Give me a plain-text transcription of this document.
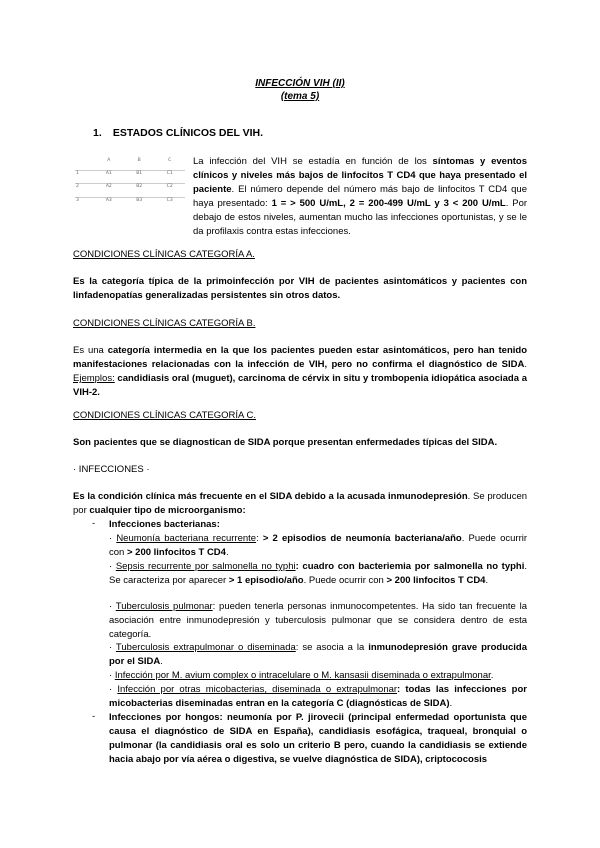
INFECCIÓN VIH (II)
(tema 5)
1. ESTADOS CLÍNICOS DEL VIH.
	A	B	C
1	A1	B1	C1
2	A2	B2	C2
3	A3	B3	C3
La infección del VIH se estadía en función de los síntomas y eventos clínicos y niveles más bajos de linfocitos T CD4 que haya presentado el paciente. El número depende del número más bajo de linfocitos T CD4 que haya presentado: 1 = > 500 U/mL, 2 = 200-499 U/mL y 3 < 200 U/mL. Por debajo de estos niveles, aumentan mucho las infecciones oportunistas, y se le da profilaxis contra estas infecciones.
CONDICIONES CLÍNICAS CATEGORÍA A.
Es la categoría típica de la primoinfección por VIH de pacientes asintomáticos y pacientes con linfadenopatías generalizadas persistentes sin otros datos.
CONDICIONES CLÍNICAS CATEGORÍA B.
Es una categoría intermedia en la que los pacientes pueden estar asintomáticos, pero han tenido manifestaciones relacionadas con la infección de VIH, pero no confirma el diagnóstico de SIDA. Ejemplos: candidiasis oral (muguet), carcinoma de cérvix in situ y trombopenia idiopática asociada a VIH-2.
CONDICIONES CLÍNICAS CATEGORÍA C.
Son pacientes que se diagnostican de SIDA porque presentan enfermedades típicas del SIDA.
· INFECCIONES ·
Es la condición clínica más frecuente en el SIDA debido a la acusada inmunodepresión. Se producen por cualquier tipo de microorganismo:
- Infecciones bacterianas:
· Neumonía bacteriana recurrente: > 2 episodios de neumonía bacteriana/año. Puede ocurrir con > 200 linfocitos T CD4.
· Sepsis recurrente por salmonella no typhi: cuadro con bacteriemia por salmonella no typhi. Se caracteriza por aparecer > 1 episodio/año. Puede ocurrir con > 200 linfocitos T CD4.
· Tuberculosis pulmonar: pueden tenerla personas inmunocompetentes. Ha sido tan frecuente la asociación entre inmunodepresión y tuberculosis pulmonar que se considera dentro de esta categoría.
· Tuberculosis extrapulmonar o diseminada: se asocia a la inmunodepresión grave producida por el SIDA.
· Infección por M. avium complex o intracelulare o M. kansasii diseminada o extrapulmonar.
· Infección por otras micobacterias, diseminada o extrapulmonar: todas las infecciones por micobacterias diseminadas entran en la categoría C (diagnósticas de SIDA).
- Infecciones por hongos: neumonía por P. jirovecii (principal enfermedad oportunista que causa el diagnóstico de SIDA en España), candidiasis esofágica, traqueal, bronquial o pulmonar (la candidiasis oral es solo un criterio B pero, cuando la candidiasis se extiende hacia abajo por vía aérea o digestiva, se vuelve diagnóstica de SIDA), criptococosis
